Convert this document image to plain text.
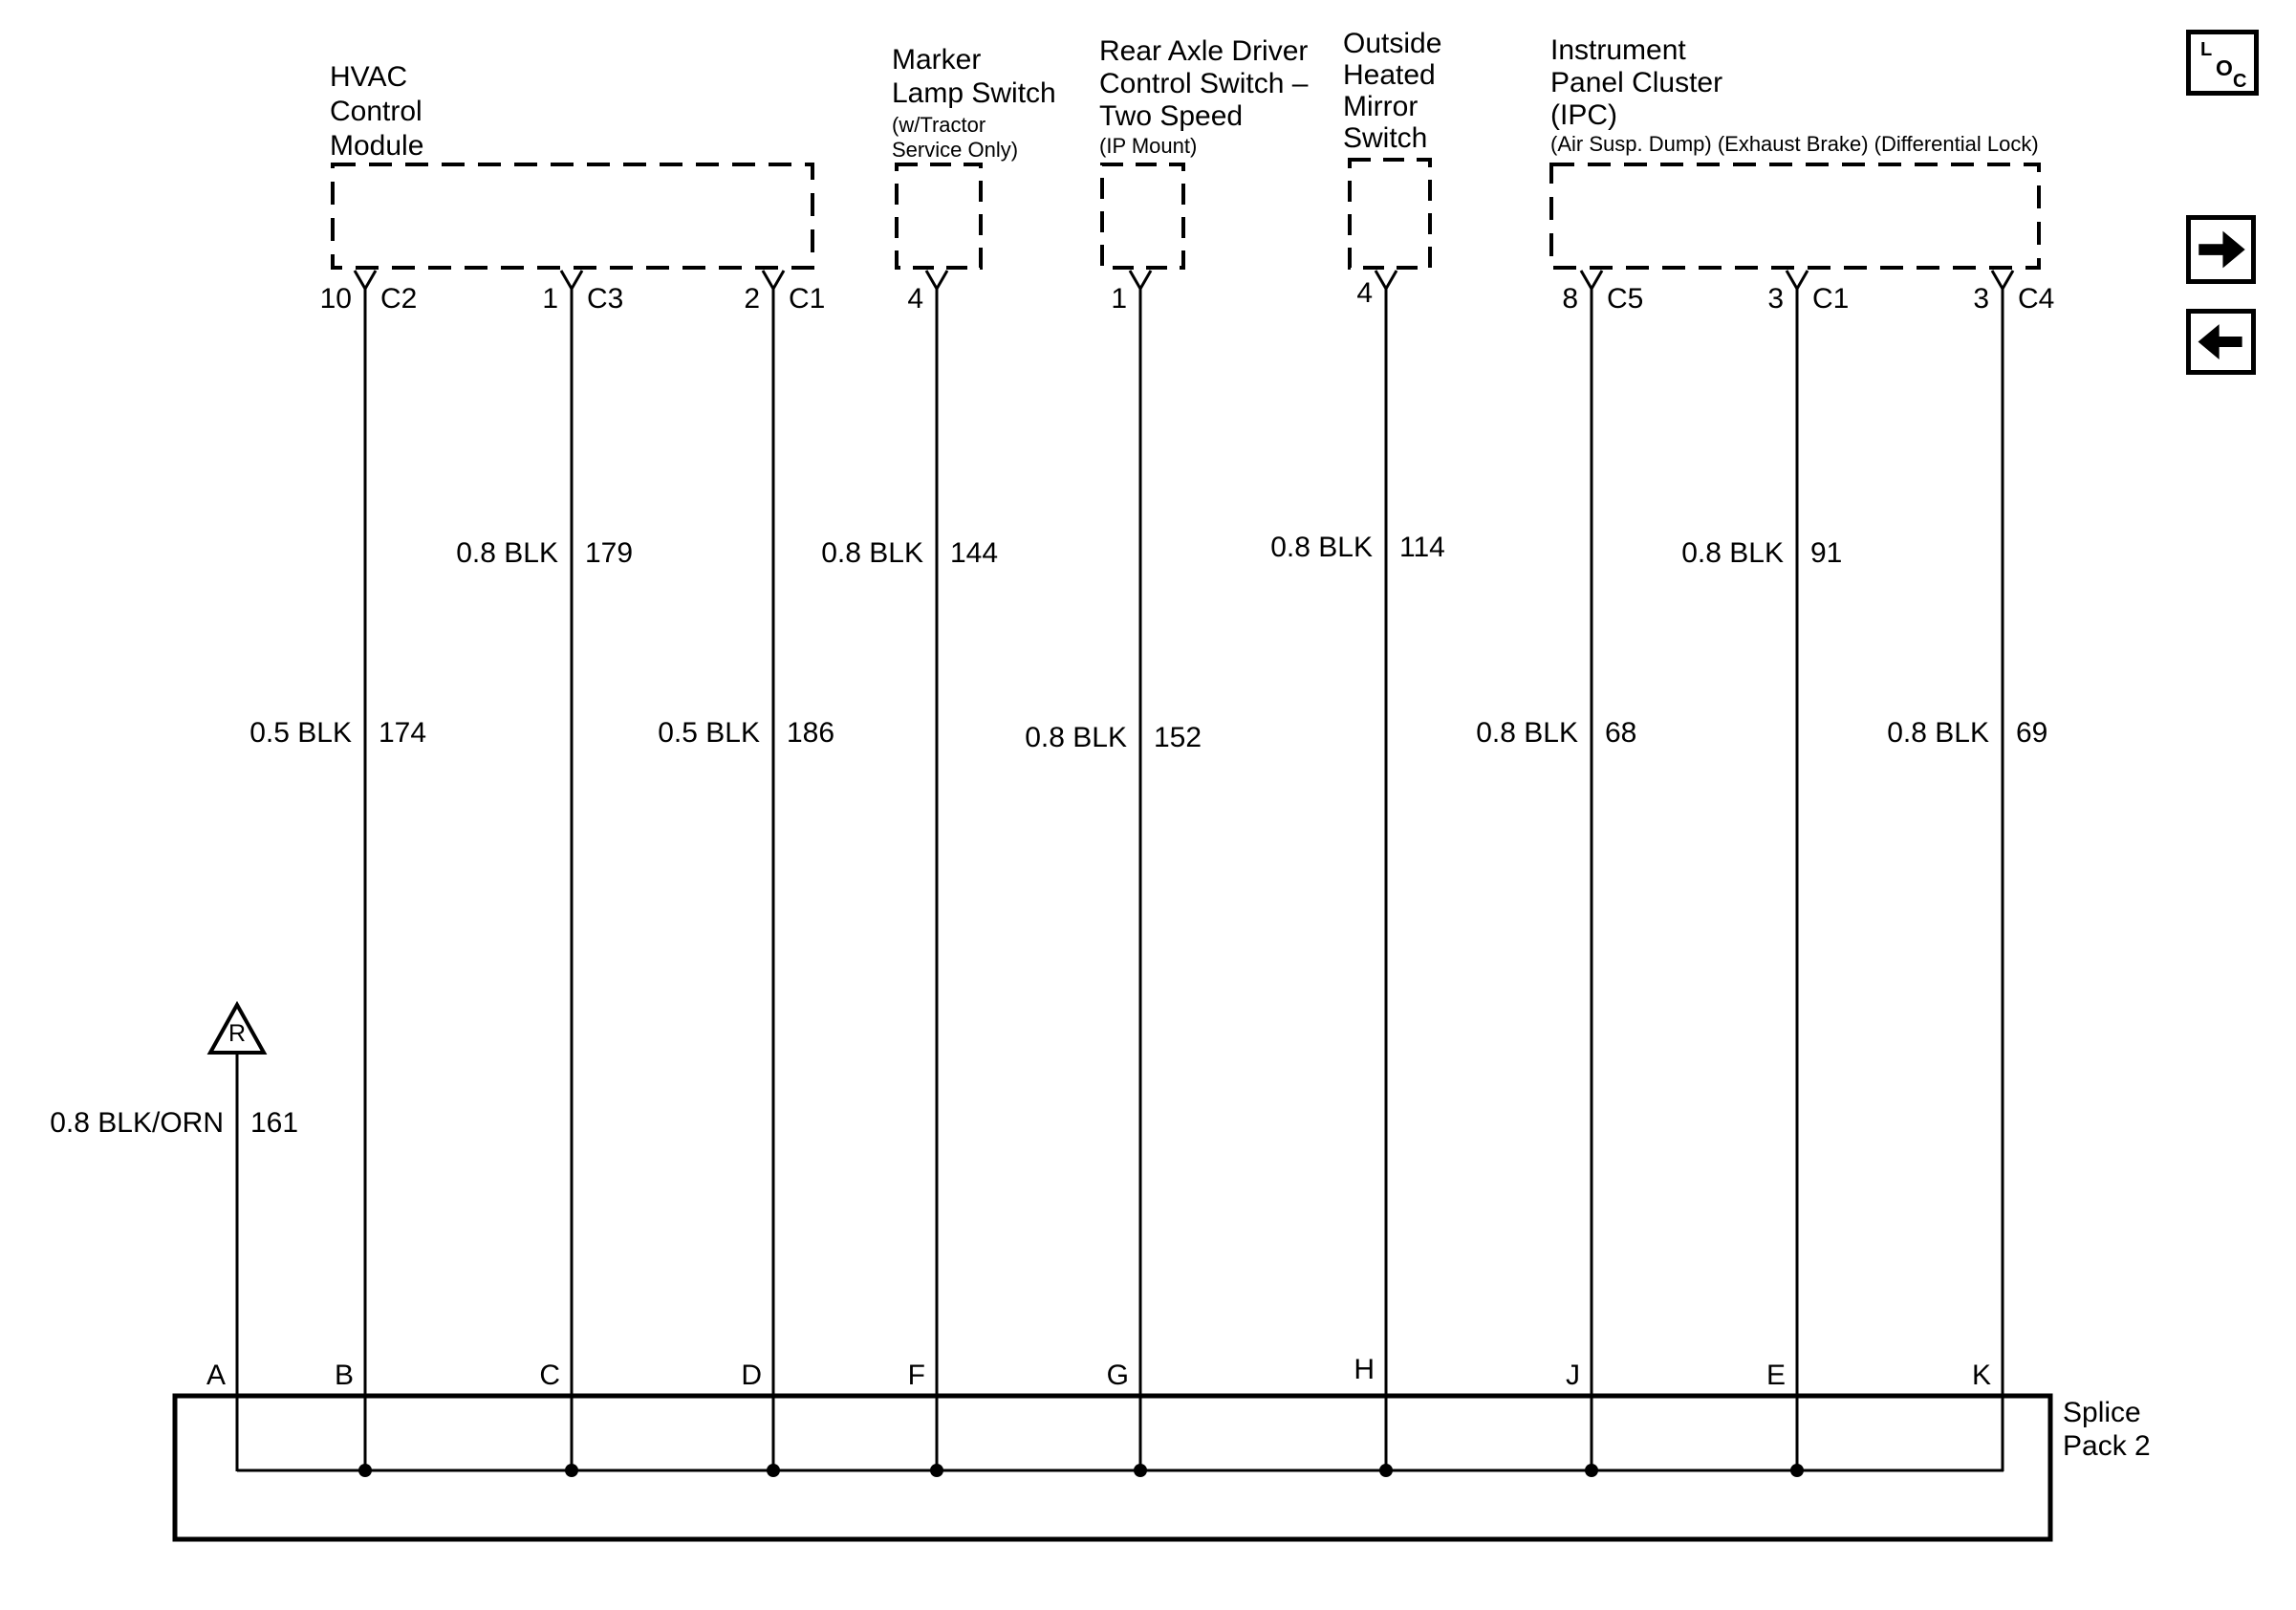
L
O
C
HVAC
Control
Module
Marker
Lamp Switch
(w/Tractor
Service Only)
Rear Axle Driver
Control Switch –
Two Speed
(IP Mount)
Outside
Heated
Mirror
Switch
Instrument
Panel Cluster
(IPC)
(Air Susp. Dump) (Exhaust Brake) (Differential Lock)
10 C2	1 C3	2 C1	4	1	4	8 C5	3 C1	3 C4
0.8 BLK 179	0.8 BLK 144	0.8 BLK 114	0.8 BLK 91
0.5 BLK 174	0.5 BLK 186	0.8 BLK 152	0.8 BLK 68	0.8 BLK 69
0.8 BLK/ORN 161
R
A	B	C	D	F	G	H	J	E	K
Splice
Pack 2
